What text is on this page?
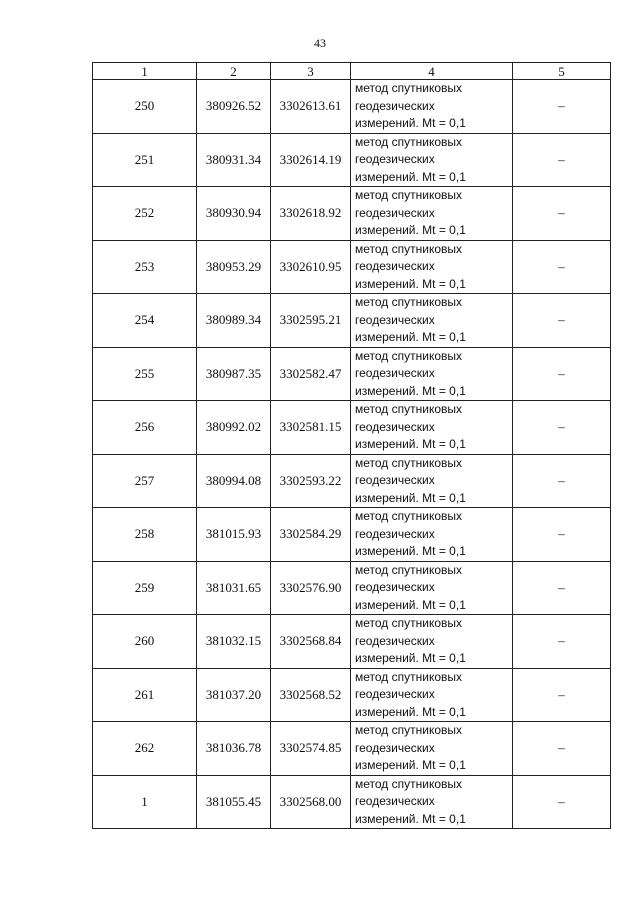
43
1	2	3	4	5
250	380926.52	3302613.61	метод спутниковых
геодезических
измерений. Mt = 0,1	–
251	380931.34	3302614.19	метод спутниковых
геодезических
измерений. Mt = 0,1	–
252	380930.94	3302618.92	метод спутниковых
геодезических
измерений. Mt = 0,1	–
253	380953.29	3302610.95	метод спутниковых
геодезических
измерений. Mt = 0,1	–
254	380989.34	3302595.21	метод спутниковых
геодезических
измерений. Mt = 0,1	–
255	380987.35	3302582.47	метод спутниковых
геодезических
измерений. Mt = 0,1	–
256	380992.02	3302581.15	метод спутниковых
геодезических
измерений. Mt = 0,1	–
257	380994.08	3302593.22	метод спутниковых
геодезических
измерений. Mt = 0,1	–
258	381015.93	3302584.29	метод спутниковых
геодезических
измерений. Mt = 0,1	–
259	381031.65	3302576.90	метод спутниковых
геодезических
измерений. Mt = 0,1	–
260	381032.15	3302568.84	метод спутниковых
геодезических
измерений. Mt = 0,1	–
261	381037.20	3302568.52	метод спутниковых
геодезических
измерений. Mt = 0,1	–
262	381036.78	3302574.85	метод спутниковых
геодезических
измерений. Mt = 0,1	–
1	381055.45	3302568.00	метод спутниковых
геодезических
измерений. Mt = 0,1	–
